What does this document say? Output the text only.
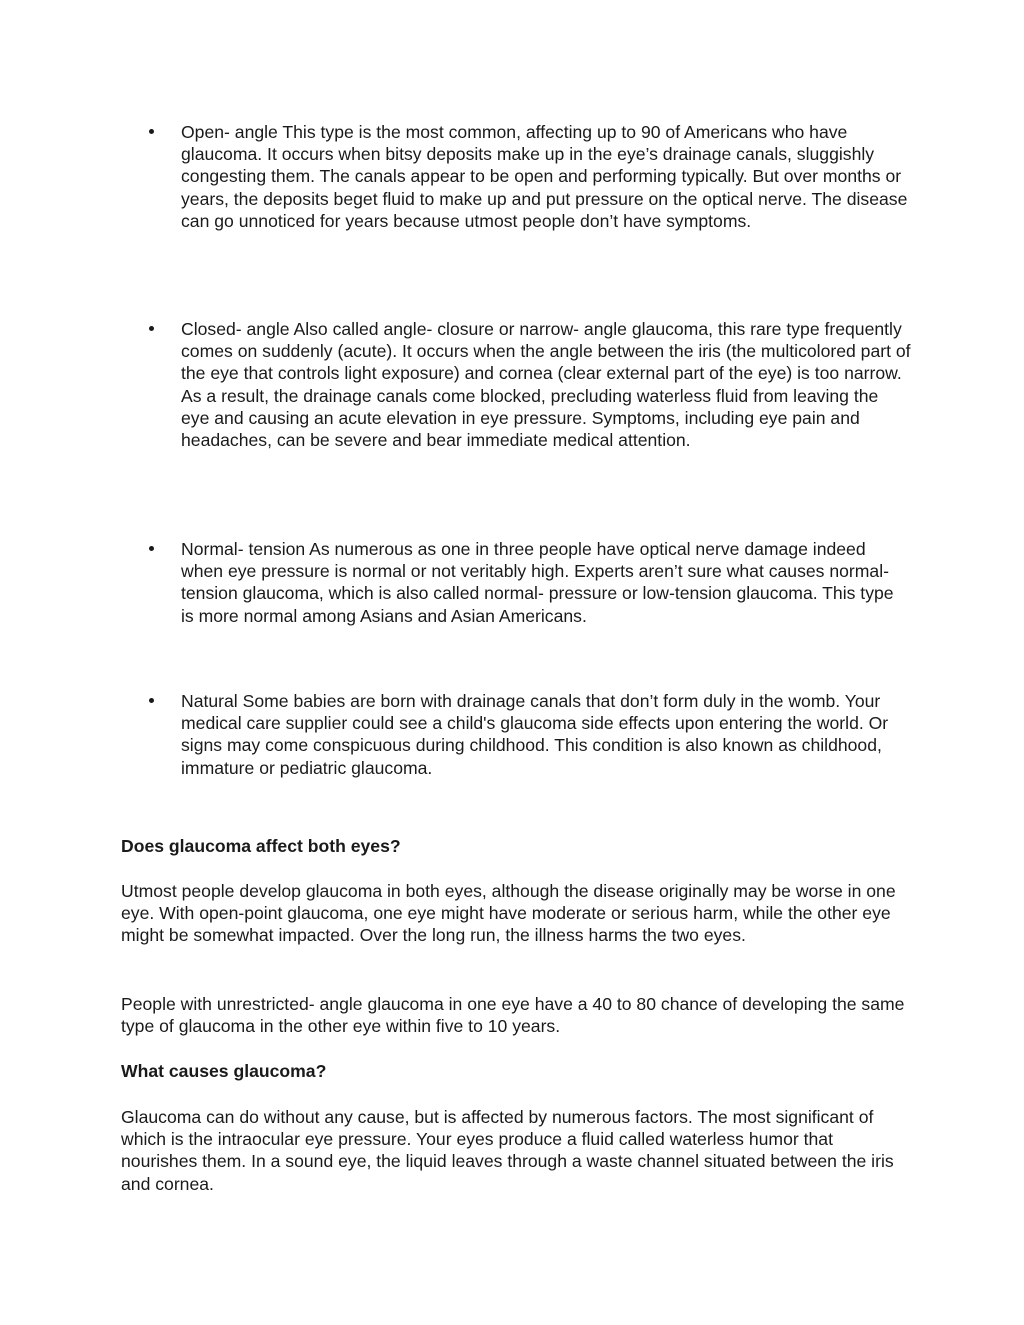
Open- angle This type is the most common, affecting up to 90 of Americans who have glaucoma. It occurs when bitsy deposits make up in the eye’s drainage canals, sluggishly congesting them. The canals appear to be open and performing typically. But over months or years, the deposits beget fluid to make up and put pressure on the optical nerve. The disease can go unnoticed for years because utmost people don’t have symptoms.

Closed- angle Also called angle- closure or narrow- angle glaucoma, this rare type frequently comes on suddenly (acute). It occurs when the angle between the iris (the multicolored part of the eye that controls light exposure) and cornea (clear external part of the eye) is too narrow. As a result, the drainage canals come blocked, precluding waterless fluid from leaving the eye and causing an acute elevation in eye pressure. Symptoms, including eye pain and headaches, can be severe and bear immediate medical attention.

Normal- tension As numerous as one in three people have optical nerve damage indeed when eye pressure is normal or not veritably high. Experts aren’t sure what causes normal- tension glaucoma, which is also called normal- pressure or low-tension glaucoma. This type is more normal among Asians and Asian Americans.

Natural Some babies are born with drainage canals that don’t form duly in the womb. Your medical care supplier could see a child's glaucoma side effects upon entering the world. Or signs may come conspicuous during childhood. This condition is also known as childhood, immature or pediatric glaucoma.

Does glaucoma affect both eyes?

Utmost people develop glaucoma in both eyes, although the disease originally may be worse in one eye. With open-point glaucoma, one eye might have moderate or serious harm, while the other eye might be somewhat impacted. Over the long run, the illness harms the two eyes.

People with unrestricted- angle glaucoma in one eye have a 40 to 80 chance of developing the same type of glaucoma in the other eye within five to 10 years.

What causes glaucoma?

Glaucoma can do without any cause, but is affected by numerous factors. The most significant of which is the intraocular eye pressure. Your eyes produce a fluid called waterless humor that nourishes them. In a sound eye, the liquid leaves through a waste channel situated between the iris and cornea.
